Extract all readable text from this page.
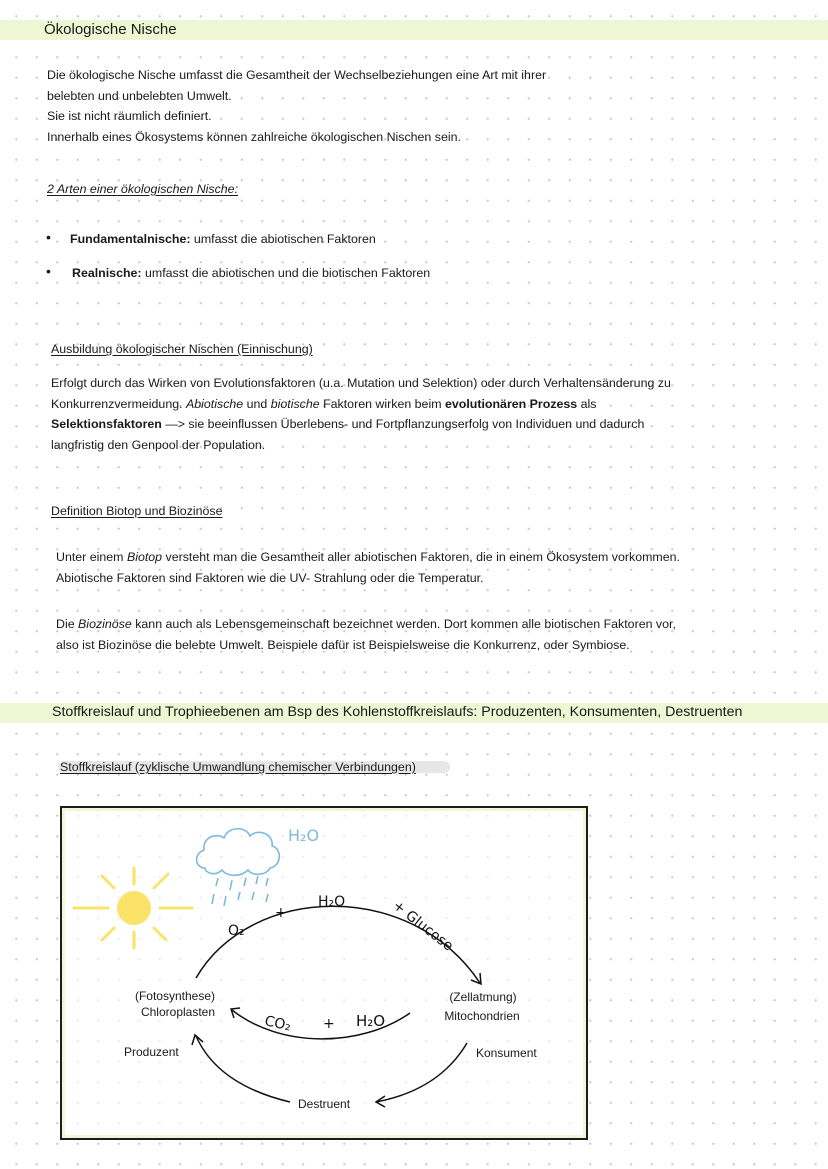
Ökologische Nische
Die ökologische Nische umfasst die Gesamtheit der Wechselbeziehungen eine Art mit ihrer
belebten und unbelebten Umwelt.
Sie ist nicht räumlich definiert.
Innerhalb eines Ökosystems können zahlreiche ökologischen Nischen sein.
2 Arten einer ökologischen Nische:
• Fundamentalnische: umfasst die abiotischen Faktoren
• Realnische: umfasst die abiotischen und die biotischen Faktoren
Ausbildung ökologischer Nischen (Einnischung)
Erfolgt durch das Wirken von Evolutionsfaktoren (u.a. Mutation und Selektion) oder durch Verhaltensänderung zu
Konkurrenzvermeidung. Abiotische und biotische Faktoren wirken beim evolutionären Prozess als
Selektionsfaktoren —> sie beeinflussen Überlebens- und Fortpflanzungserfolg von Individuen und dadurch
langfristig den Genpool der Population.
Definition Biotop und Biozinöse
Unter einem Biotop versteht man die Gesamtheit aller abiotischen Faktoren, die in einem Ökosystem vorkommen.
Abiotische Faktoren sind Faktoren wie die UV- Strahlung oder die Temperatur.
Die Biozinöse kann auch als Lebensgemeinschaft bezeichnet werden. Dort kommen alle biotischen Faktoren vor,
also ist Biozinöse die belebte Umwelt. Beispiele dafür ist Beispielsweise die Konkurrenz, oder Symbiose.
Stoffkreislauf und Trophieebenen am Bsp des Kohlenstoffkreislaufs: Produzenten, Konsumenten, Destruenten
Stoffkreislauf (zyklische Umwandlung chemischer Verbindungen)
H₂O
O₂
+
H₂O	+ Glucose
CO₂ + H₂O
(Fotosynthese)
Chloroplasten
(Zellatmung)
Mitochondrien
Produzent	Konsument
Destruent
